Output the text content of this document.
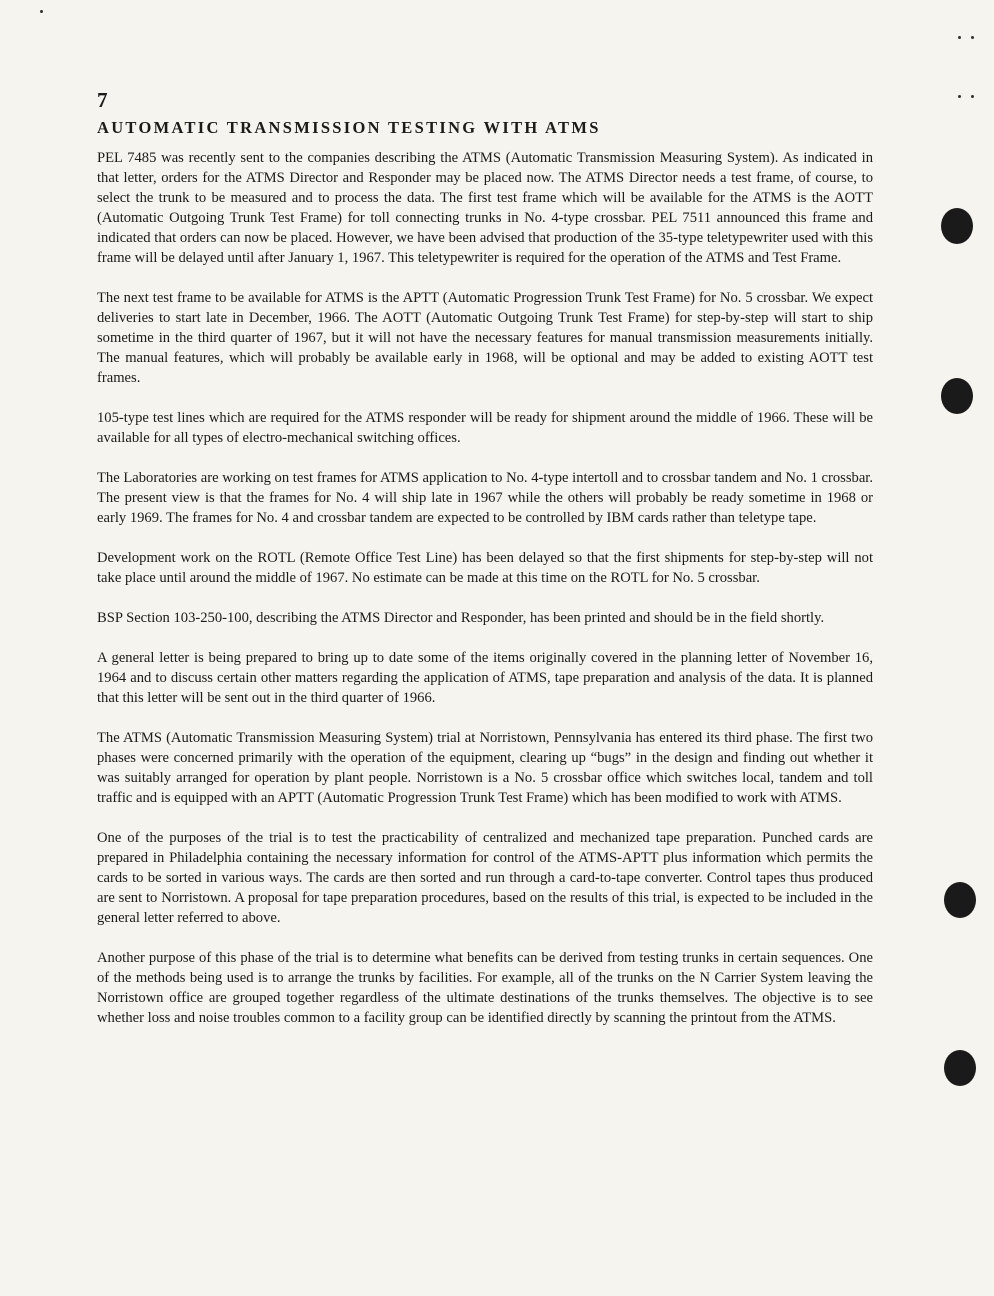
7
AUTOMATIC TRANSMISSION TESTING WITH ATMS

PEL 7485 was recently sent to the companies describing the ATMS (Automatic Transmission Measuring System). As indicated in that letter, orders for the ATMS Director and Responder may be placed now. The ATMS Director needs a test frame, of course, to select the trunk to be measured and to process the data. The first test frame which will be available for the ATMS is the AOTT (Automatic Outgoing Trunk Test Frame) for toll connecting trunks in No. 4-type crossbar. PEL 7511 announced this frame and indicated that orders can now be placed. However, we have been advised that production of the 35-type teletypewriter used with this frame will be delayed until after January 1, 1967. This teletypewriter is required for the operation of the ATMS and Test Frame.

The next test frame to be available for ATMS is the APTT (Automatic Progression Trunk Test Frame) for No. 5 crossbar. We expect deliveries to start late in December, 1966. The AOTT (Automatic Outgoing Trunk Test Frame) for step-by-step will start to ship sometime in the third quarter of 1967, but it will not have the necessary features for manual transmission measurements initially. The manual features, which will probably be available early in 1968, will be optional and may be added to existing AOTT test frames.

105-type test lines which are required for the ATMS responder will be ready for shipment around the middle of 1966. These will be available for all types of electro-mechanical switching offices.

The Laboratories are working on test frames for ATMS application to No. 4-type intertoll and to crossbar tandem and No. 1 crossbar. The present view is that the frames for No. 4 will ship late in 1967 while the others will probably be ready sometime in 1968 or early 1969. The frames for No. 4 and crossbar tandem are expected to be controlled by IBM cards rather than teletype tape.

Development work on the ROTL (Remote Office Test Line) has been delayed so that the first shipments for step-by-step will not take place until around the middle of 1967. No estimate can be made at this time on the ROTL for No. 5 crossbar.

BSP Section 103-250-100, describing the ATMS Director and Responder, has been printed and should be in the field shortly.

A general letter is being prepared to bring up to date some of the items originally covered in the planning letter of November 16, 1964 and to discuss certain other matters regarding the application of ATMS, tape preparation and analysis of the data. It is planned that this letter will be sent out in the third quarter of 1966.

The ATMS (Automatic Transmission Measuring System) trial at Norristown, Pennsylvania has entered its third phase. The first two phases were concerned primarily with the operation of the equipment, clearing up “bugs” in the design and finding out whether it was suitably arranged for operation by plant people. Norristown is a No. 5 crossbar office which switches local, tandem and toll traffic and is equipped with an APTT (Automatic Progression Trunk Test Frame) which has been modified to work with ATMS.

One of the purposes of the trial is to test the practicability of centralized and mechanized tape preparation. Punched cards are prepared in Philadelphia containing the necessary information for control of the ATMS-APTT plus information which permits the cards to be sorted in various ways. The cards are then sorted and run through a card-to-tape converter. Control tapes thus produced are sent to Norristown. A proposal for tape preparation procedures, based on the results of this trial, is expected to be included in the general letter referred to above.

Another purpose of this phase of the trial is to determine what benefits can be derived from testing trunks in certain sequences. One of the methods being used is to arrange the trunks by facilities. For example, all of the trunks on the N Carrier System leaving the Norristown office are grouped together regardless of the ultimate destinations of the trunks themselves. The objective is to see whether loss and noise troubles common to a facility group can be identified directly by scanning the printout from the ATMS.
